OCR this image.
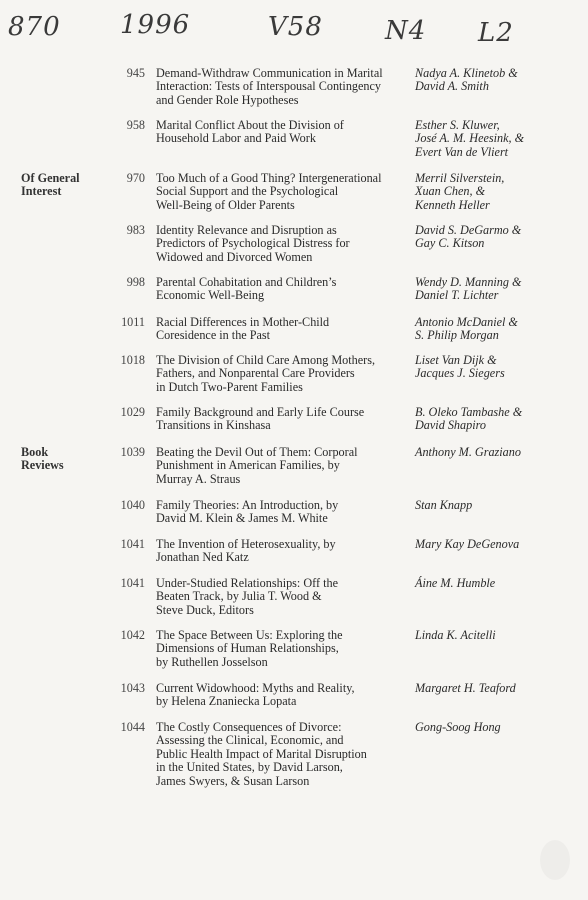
870 1996	V58 N4 L2
Of General
Interest
Book
Reviews
945 Demand-Withdraw Communication in Marital
Interaction: Tests of Interspousal Contingency
and Gender Role Hypotheses
Nadya A. Klinetob &
David A. Smith
958 Marital Conflict About the Division of
Household Labor and Paid Work
Esther S. Kluwer,
José A. M. Heesink, &
Evert Van de Vliert
970 Too Much of a Good Thing? Intergenerational
Social Support and the Psychological
Well-Being of Older Parents
Merril Silverstein,
Xuan Chen, &
Kenneth Heller
983 Identity Relevance and Disruption as
Predictors of Psychological Distress for
Widowed and Divorced Women
David S. DeGarmo &
Gay C. Kitson
998 Parental Cohabitation and Children’s
Economic Well-Being
Wendy D. Manning &
Daniel T. Lichter
1011 Racial Differences in Mother-Child
Coresidence in the Past
Antonio McDaniel &
S. Philip Morgan
1018 The Division of Child Care Among Mothers,
Fathers, and Nonparental Care Providers
in Dutch Two-Parent Families
Liset Van Dijk &
Jacques J. Siegers
1029 Family Background and Early Life Course
Transitions in Kinshasa
B. Oleko Tambashe &
David Shapiro
1039 Beating the Devil Out of Them: Corporal
Punishment in American Families, by
Murray A. Straus
Anthony M. Graziano
1040 Family Theories: An Introduction, by
David M. Klein & James M. White
Stan Knapp
1041 The Invention of Heterosexuality, by
Jonathan Ned Katz
Mary Kay DeGenova
1041 Under-Studied Relationships: Off the
Beaten Track, by Julia T. Wood &
Steve Duck, Editors
Áine M. Humble
1042 The Space Between Us: Exploring the
Dimensions of Human Relationships,
by Ruthellen Josselson
Linda K. Acitelli
1043 Current Widowhood: Myths and Reality,
by Helena Znaniecka Lopata
Margaret H. Teaford
1044 The Costly Consequences of Divorce:
Assessing the Clinical, Economic, and
Public Health Impact of Marital Disruption
in the United States, by David Larson,
James Swyers, & Susan Larson
Gong-Soog Hong
